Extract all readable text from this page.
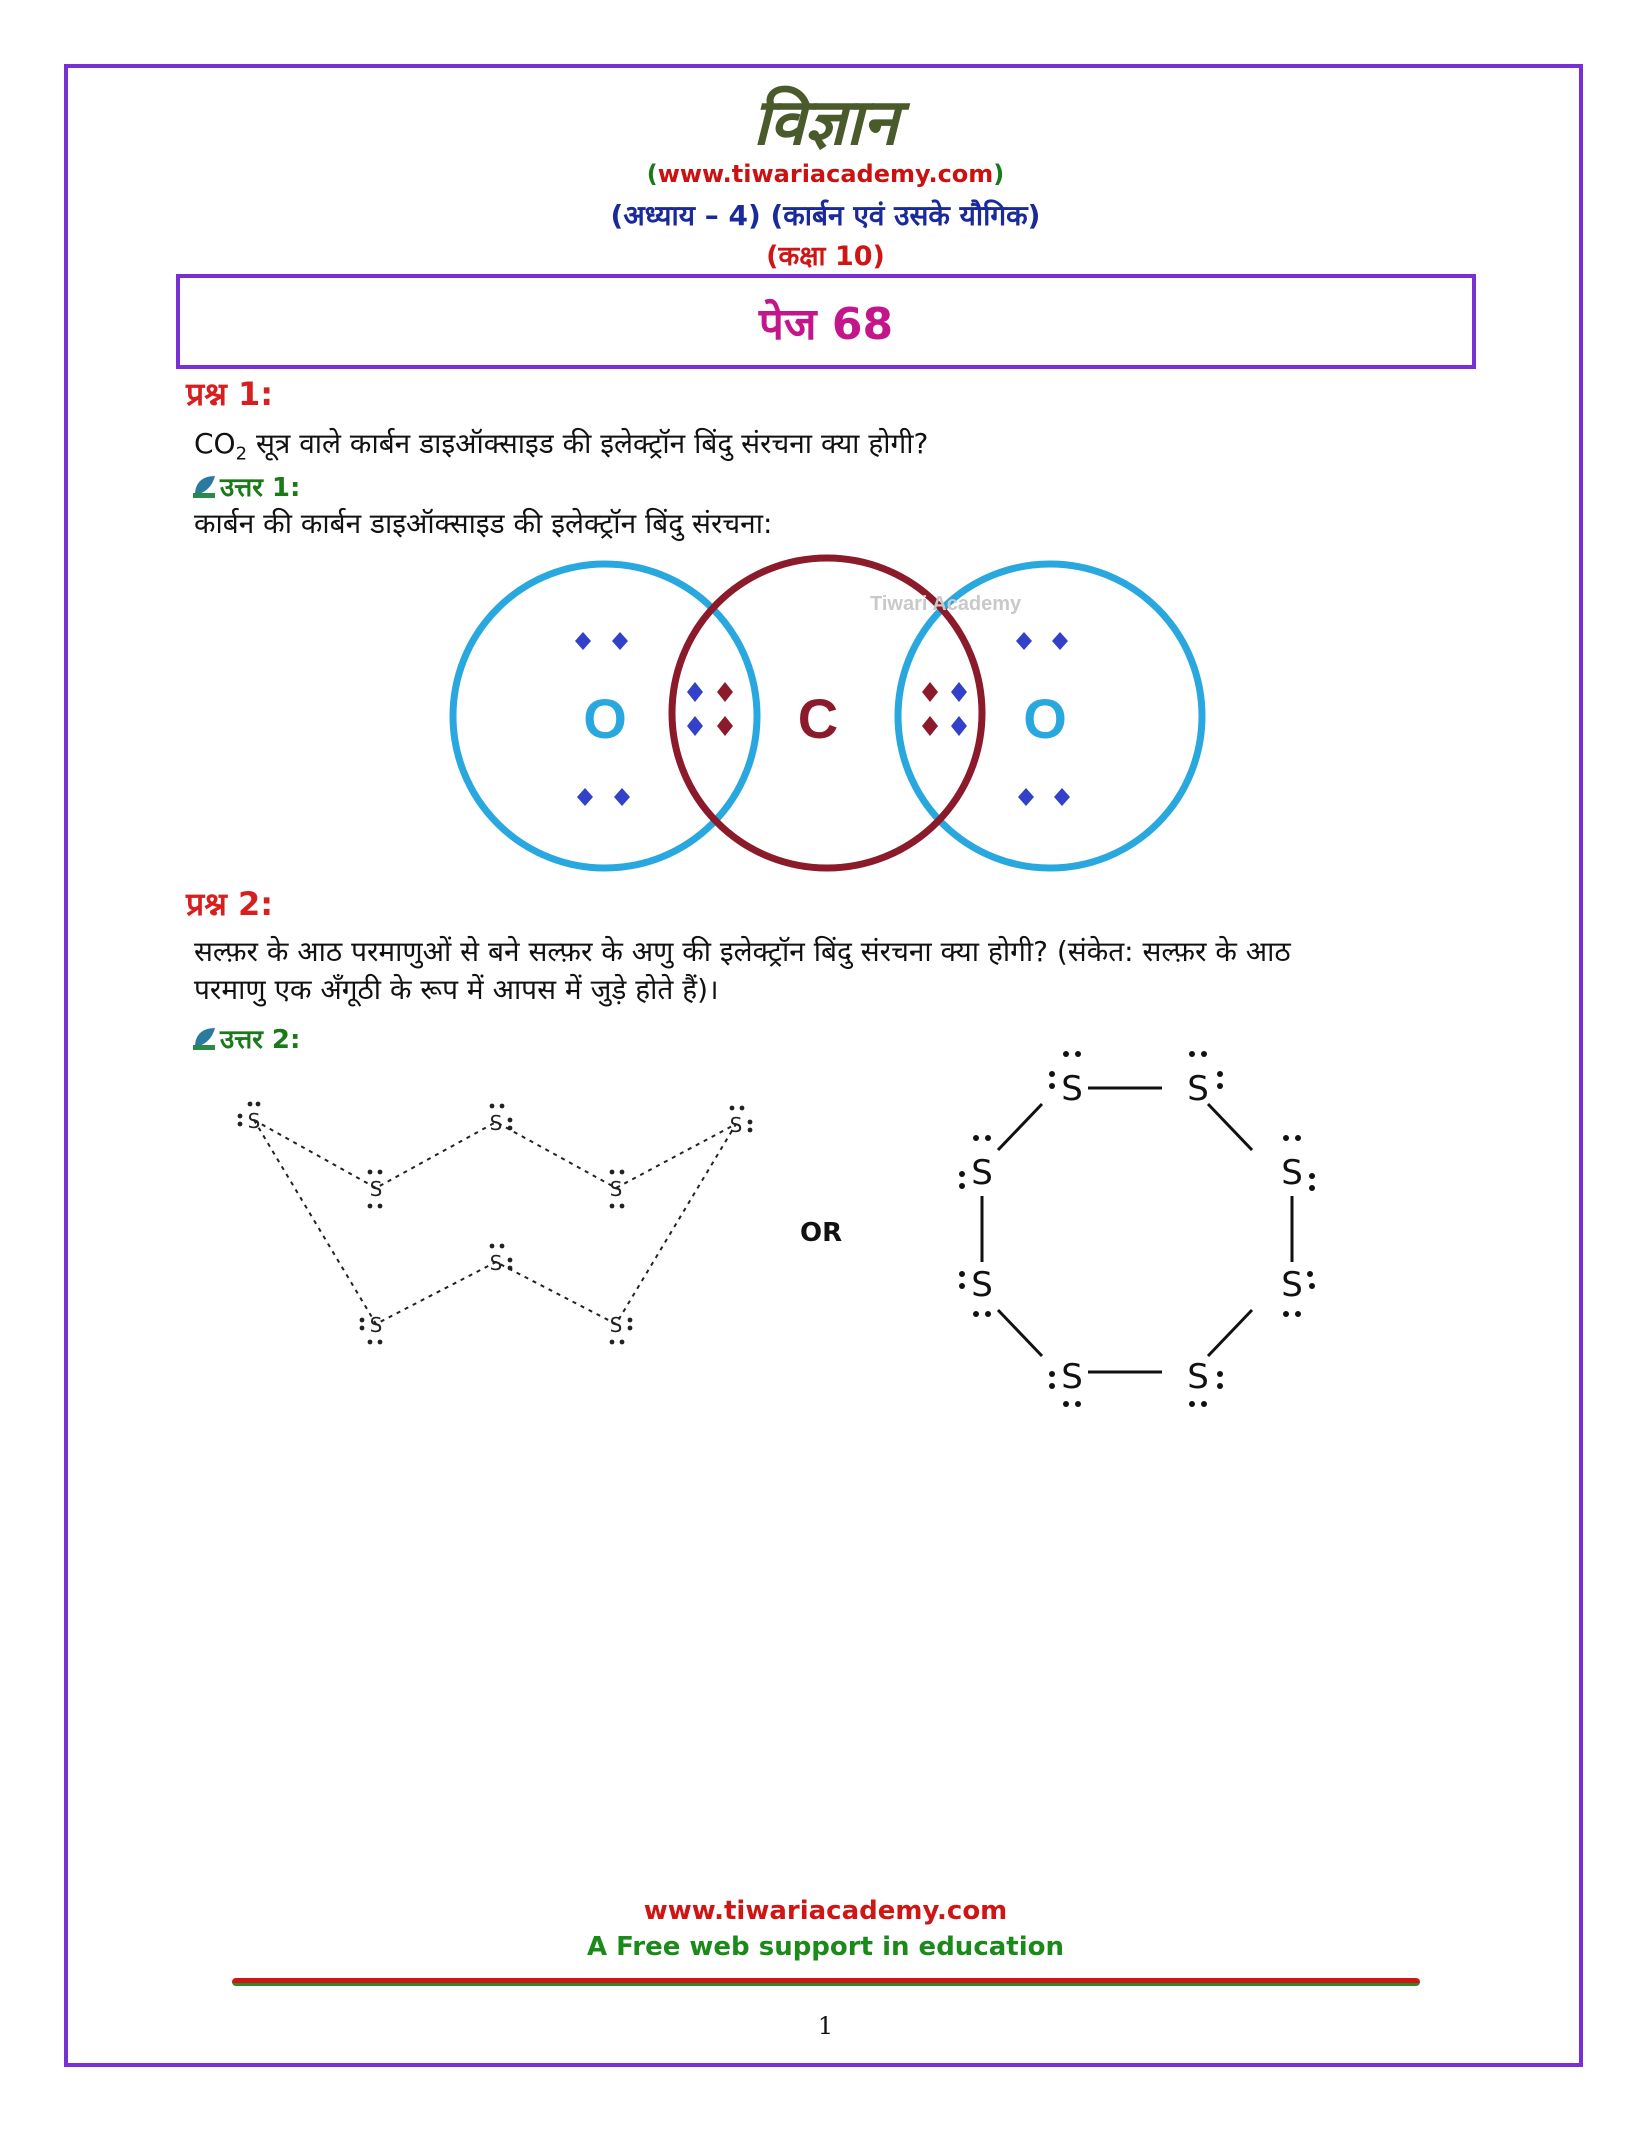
विज्ञान
(www.tiwariacademy.com)
(अध्याय – 4) (कार्बन एवं उसके यौगिक)
(कक्षा 10)
पेज 68
प्रश्न 1:
$CO_2$ सूत्र वाले कार्बन डाइऑक्साइड की इलेक्ट्रॉन बिंदु संरचना क्या होगी?
उत्तर 1:
कार्बन की कार्बन डाइऑक्साइड की इलेक्ट्रॉन बिंदु संरचना:
Tiwari Academy
O	C	O
प्रश्न 2:
सल्फ़र के आठ परमाणुओं से बने सल्फ़र के अणु की इलेक्ट्रॉन बिंदु संरचना क्या होगी? (संकेत: सल्फ़र के आठ
परमाणु एक अँगूठी के रूप में आपस में जुड़े होते हैं)।
उत्तर 2:
S
S
S
S
S
S
S
S
OR
S	S
S
S
S
S
S
S
www.tiwariacademy.com
A Free web support in education
1
